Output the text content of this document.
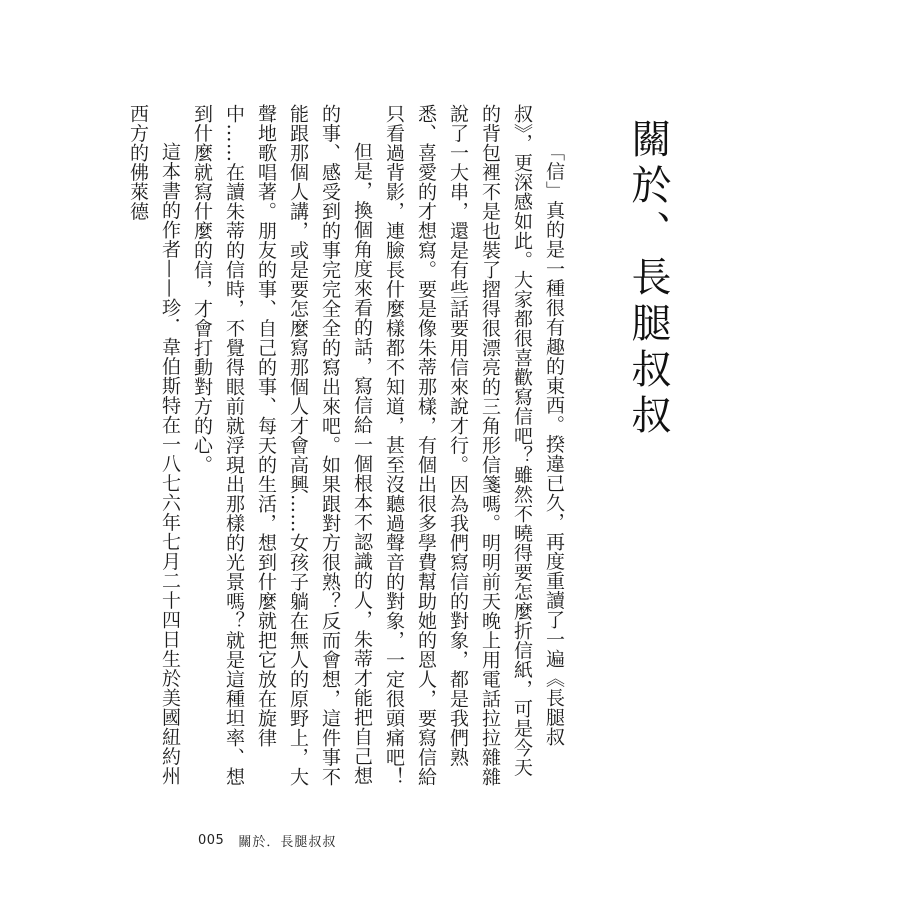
關於、長腿叔叔

「信」真的是一種很有趣的東西。揆違已久，再度重讀了一遍《長腿叔叔》，更深感如此。大家都很喜歡寫信吧？雖然不曉得要怎麼折信紙，可是今天的背包裡不是也裝了摺得很漂亮的三角形信箋嗎。明明前天晚上用電話拉拉雜雜說了一大串，還是有些話要用信來說才行。因為我們寫信的對象，都是我們熟悉、喜愛的才想寫。要是像朱蒂那樣，有個出很多學費幫助她的恩人，要寫信給只看過背影，連臉長什麼樣都不知道，甚至沒聽過聲音的對象，一定很頭痛吧！

但是，換個角度來看的話，寫信給一個根本不認識的人，朱蒂才能把自己想的事、感受到的事完完全全的寫出來吧。如果跟對方很熟？反而會想，這件事不能跟那個人講，或是要怎麼寫那個人才會高興……女孩子躺在無人的原野上，大聲地歌唱著。朋友的事、自己的事、每天的生活，想到什麼就把它放在旋律中……在讀朱蒂的信時，不覺得眼前就浮現出那樣的光景嗎？就是這種坦率、想到什麼就寫什麼的信，才會打動對方的心。

這本書的作者——珍．韋伯斯特在一八七六年七月二十四日生於美國紐約州西方的佛萊德

005 關於．長腿叔叔
